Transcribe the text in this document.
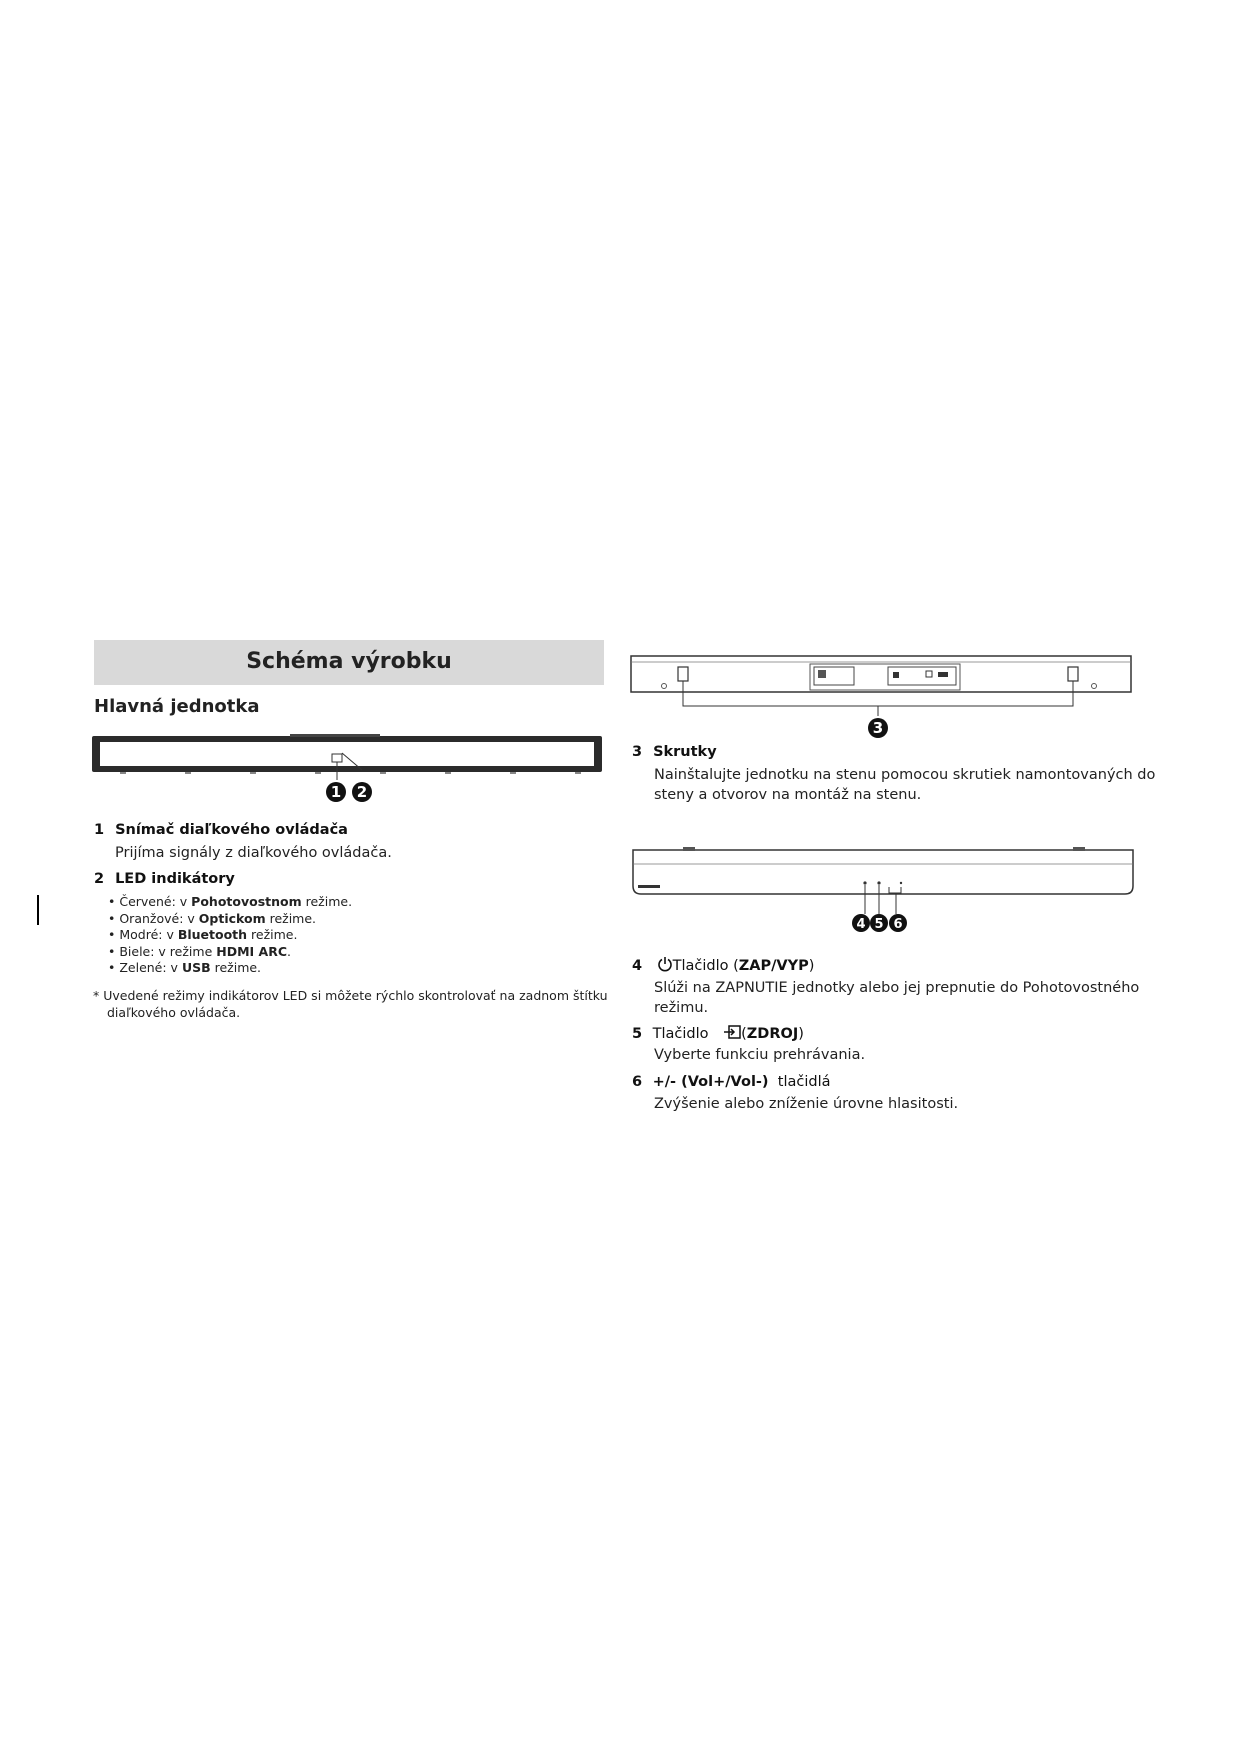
Schéma výrobku
Hlavná jednotka
1 2
1 Snímač diaľkového ovládača
Prijíma signály z diaľkového ovládača.
2 LED indikátory
• Červené: v Pohotovostnom režime.
• Oranžové: v Optickom režime.
• Modré: v Bluetooth režime.
• Biele: v režime HDMI ARC.
• Zelené: v USB režime.
* Uvedené režimy indikátorov LED si môžete rýchlo skontrolovať na zadnom štítku
diaľkového ovládača.
3
3 Skrutky
Nainštalujte jednotku na stenu pomocou skrutiek namontovaných do
steny a otvorov na montáž na stenu.
4 5 6
4 Tlačidlo (ZAP/VYP)
Slúži na ZAPNUTIE jednotky alebo jej prepnutie do Pohotovostného
režimu.
5 Tlačidlo (ZDROJ)
Vyberte funkciu prehrávania.
6 +/- (Vol+/Vol-) tlačidlá
Zvýšenie alebo zníženie úrovne hlasitosti.
